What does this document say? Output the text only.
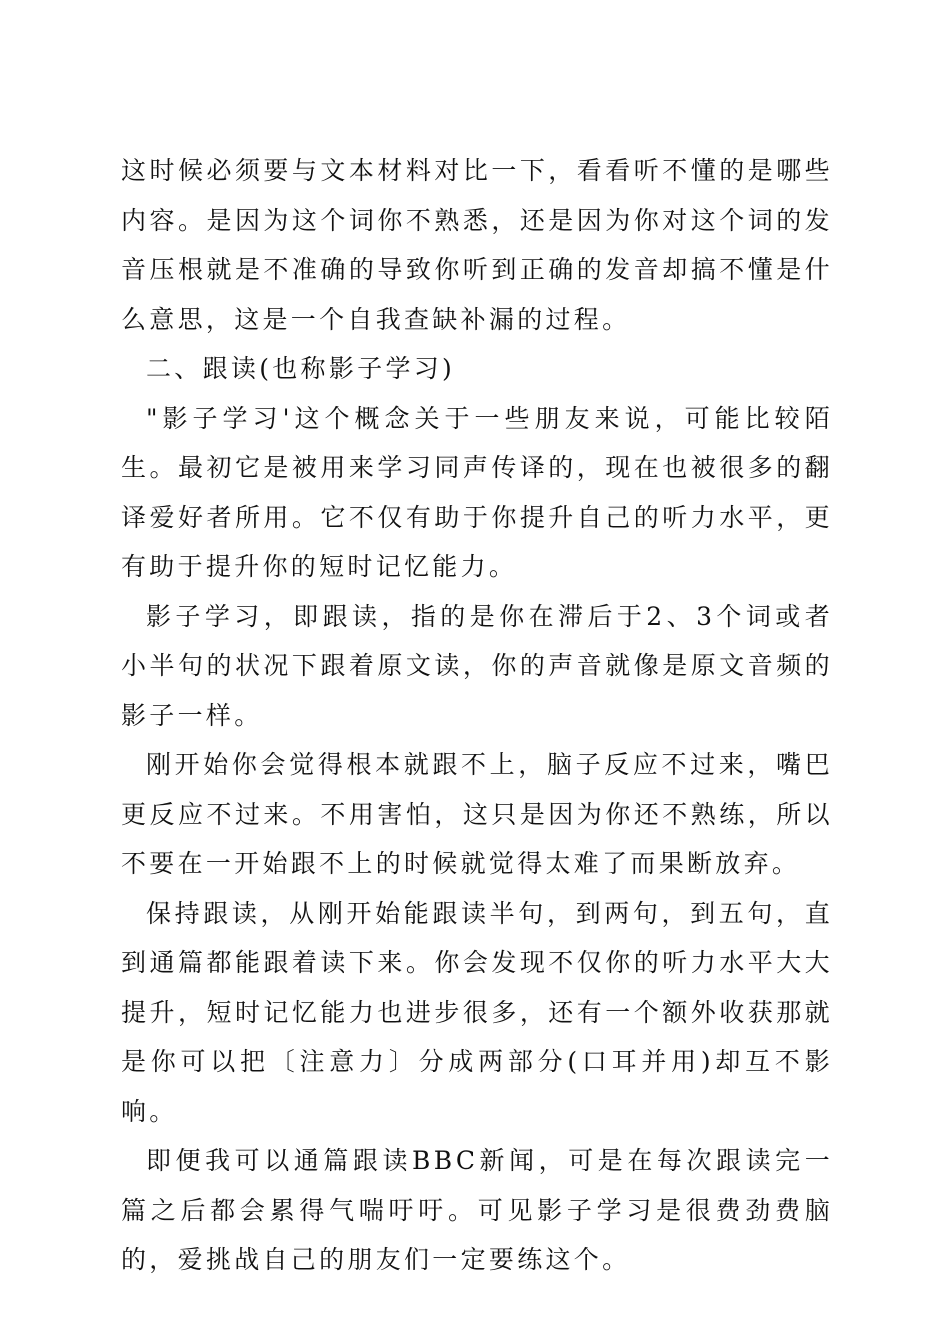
这时候必须要与文本材料对比一下，看看听不懂的是哪些内容。是因为这个词你不熟悉，还是因为你对这个词的发音压根就是不准确的导致你听到正确的发音却搞不懂是什么意思，这是一个自我查缺补漏的过程。

二、跟读(也称影子学习)

"影子学习'这个概念关于一些朋友来说，可能比较陌生。最初它是被用来学习同声传译的，现在也被很多的翻译爱好者所用。它不仅有助于你提升自己的听力水平，更有助于提升你的短时记忆能力。

影子学习，即跟读，指的是你在滞后于2、3个词或者小半句的状况下跟着原文读，你的声音就像是原文音频的影子一样。

刚开始你会觉得根本就跟不上，脑子反应不过来，嘴巴更反应不过来。不用害怕，这只是因为你还不熟练，所以不要在一开始跟不上的时候就觉得太难了而果断放弃。

保持跟读，从刚开始能跟读半句，到两句，到五句，直到通篇都能跟着读下来。你会发现不仅你的听力水平大大提升，短时记忆能力也进步很多，还有一个额外收获那就是你可以把〔注意力〕分成两部分(口耳并用)却互不影响。

即便我可以通篇跟读BBC新闻，可是在每次跟读完一篇之后都会累得气喘吁吁。可见影子学习是很费劲费脑的，爱挑战自己的朋友们一定要练这个。
